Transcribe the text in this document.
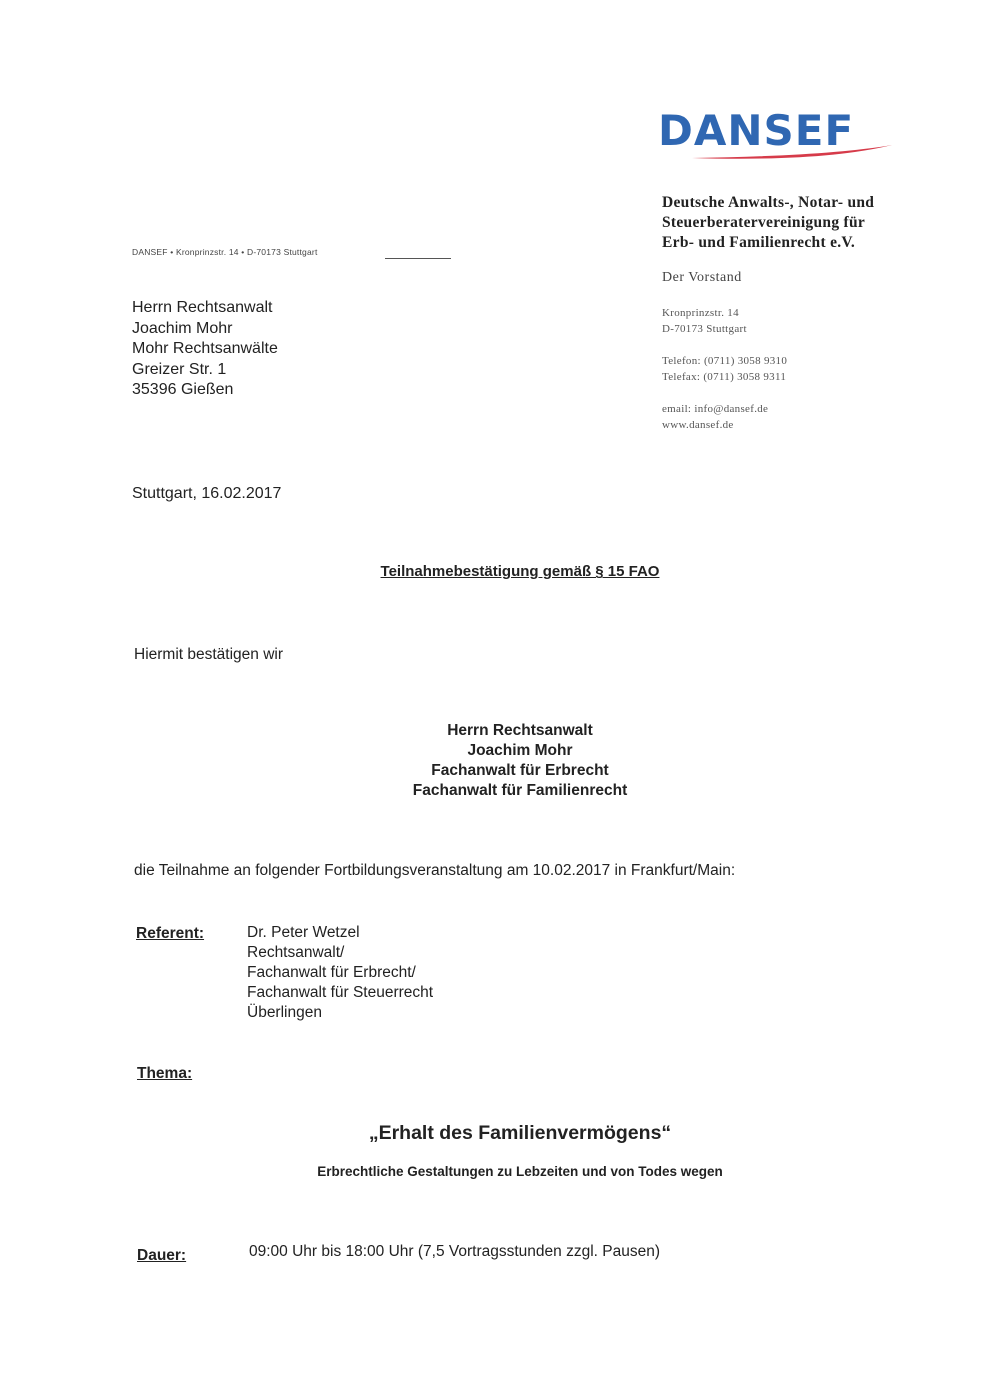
DANSEF
Deutsche Anwalts-, Notar- und
Steuerberatervereinigung für
Erb- und Familienrecht e.V.
Der Vorstand
Kronprinzstr. 14
D-70173 Stuttgart
Telefon: (0711) 3058 9310
Telefax: (0711) 3058 9311
email: info@dansef.de
www.dansef.de
DANSEF • Kronprinzstr. 14 • D-70173 Stuttgart
Herrn Rechtsanwalt
Joachim Mohr
Mohr Rechtsanwälte
Greizer Str. 1
35396 Gießen
Stuttgart, 16.02.2017
Teilnahmebestätigung gemäß § 15 FAO
Hiermit bestätigen wir
Herrn Rechtsanwalt
Joachim Mohr
Fachanwalt für Erbrecht
Fachanwalt für Familienrecht
die Teilnahme an folgender Fortbildungsveranstaltung am 10.02.2017 in Frankfurt/Main:
Referent:	Dr. Peter Wetzel
Rechtsanwalt/
Fachanwalt für Erbrecht/
Fachanwalt für Steuerrecht
Überlingen
Thema:
„Erhalt des Familienvermögens“
Erbrechtliche Gestaltungen zu Lebzeiten und von Todes wegen
Dauer:	09:00 Uhr bis 18:00 Uhr (7,5 Vortragsstunden zzgl. Pausen)
